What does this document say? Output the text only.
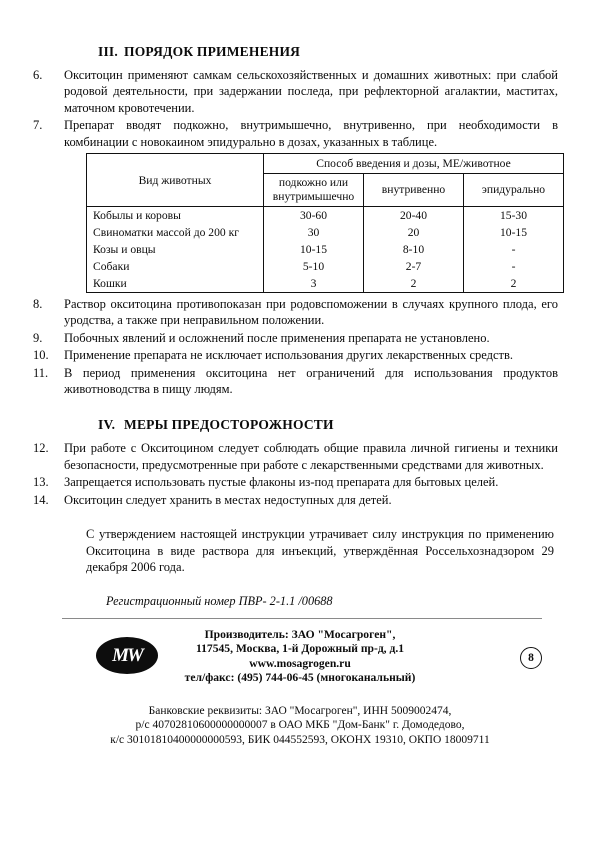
III. ПОРЯДОК ПРИМЕНЕНИЯ
6.	Окситоцин применяют самкам сельскохозяйственных и домашних животных: при слабой родовой деятельности, при задержании последа, при рефлекторной агалактии, маститах, маточном кровотечении.
7.	Препарат вводят подкожно, внутримышечно, внутривенно, при необходимости в комбинации с новокаином эпидурально в дозах, указанных в таблице.
Вид животных	Способ введения и дозы, МЕ/животное		
	подкожно или внутримышечно	внутривенно	эпидурально
Кобылы и коровы	30-60	20-40	15-30
Свиноматки массой до 200 кг	30	20	10-15
Козы и овцы	10-15	8-10	-
Собаки	5-10	2-7	-
Кошки	3	2	2
8.	Раствор окситоцина противопоказан при родовспоможении в случаях крупного плода, его уродства, а также при неправильном положении.
9.	Побочных явлений и осложнений после применения препарата не установлено.
10.	Применение препарата не исключает использования других лекарственных средств.
11.	В период применения окситоцина нет ограничений для использования продуктов животноводства в пищу людям.
IV. МЕРЫ ПРЕДОСТОРОЖНОСТИ
12.	При работе с Окситоцином следует соблюдать общие правила личной гигиены и техники безопасности, предусмотренные при работе с лекарственными средствами для животных.
13.	Запрещается использовать пустые флаконы из-под препарата для бытовых целей.
14.	Окситоцин следует хранить в местах недоступных для детей.
С утверждением настоящей инструкции утрачивает силу инструкция по применению Окситоцина в виде раствора для инъекций, утверждённая Россельхознадзором 29 декабря 2006 года.
Регистрационный номер ПВР- 2-1.1 /00688
MW
Производитель: ЗАО "Мосагроген",
117545, Москва, 1-й Дорожный пр-д, д.1
www.mosagrogen.ru
тел/факс: (495) 744-06-45 (многоканальный)
8
Банковские реквизиты: ЗАО "Мосагроген", ИНН 5009002474,
р/с 40702810600000000007 в ОАО МКБ "Дом-Банк" г. Домодедово,
к/с 30101810400000000593, БИК 044552593, ОКОНХ 19310, ОКПО 18009711
